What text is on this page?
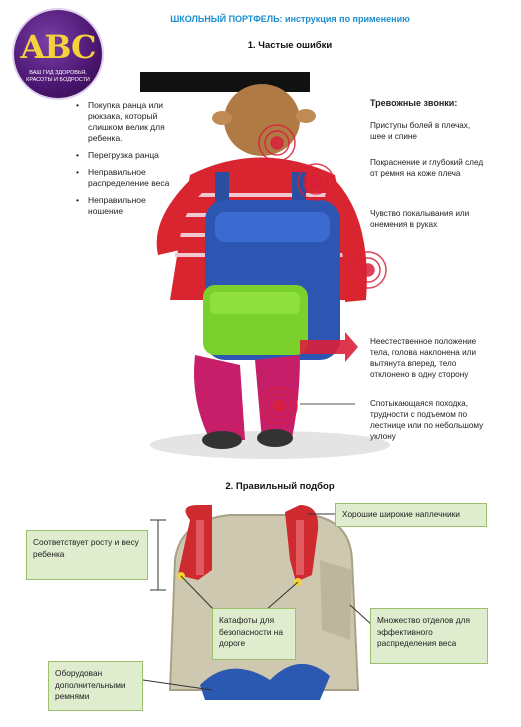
ABC
ВАШ ГИД ЗДОРОВЬЯ, КРАСОТЫ И БОДРОСТИ
ШКОЛЬНЫЙ ПОРТФЕЛЬ: инструкция по применению
1. Частые ошибки
• Покупка ранца или рюкзака, который слишком велик для ребенка.
• Перегрузка ранца
• Неправильное распределение веса
• Неправильное ношение
Тревожные звонки:
Приступы болей в плечах, шее и спине
Покраснение и глубокий след от ремня на коже плеча
Чувство покалывания или онемения в руках
Неестественное положение тела, голова наклонена или вытянута вперед, тело отклонено в одну сторону
Спотыкающаяся походка, трудности с подъемом по лестнице или по небольшому уклону
2. Правильный подбор
Соответствует росту и весу ребенка
Хорошие широкие наплечники
Катафоты для безопасности на дороге
Множество отделов для эффективного распределения веса
Оборудован дополнительными ремнями
